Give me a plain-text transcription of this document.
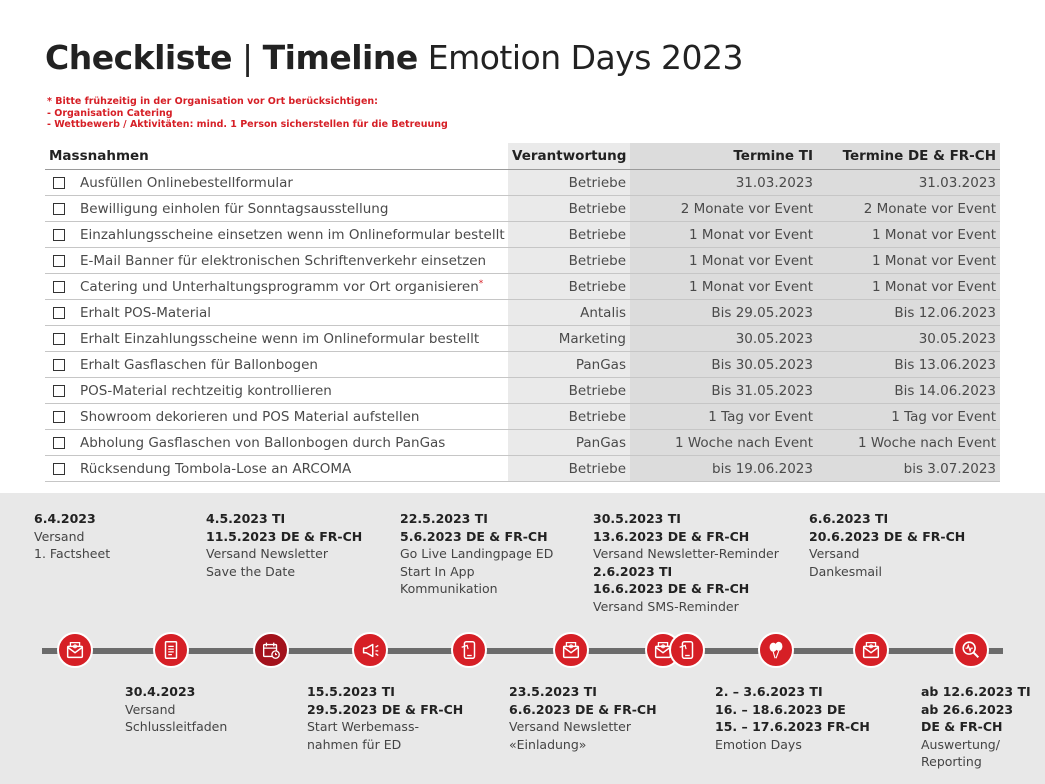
Checkliste | Timeline Emotion Days 2023
* Bitte frühzeitig in der Organisation vor Ort berücksichtigen:
- Organisation Catering
- Wettbewerb / Aktivitäten: mind. 1 Person sicherstellen für die Betreuung
Massnahmen	Verantwortung	Termine TI	Termine DE & FR-CH
Ausfüllen Onlinebestellformular	Betriebe	31.03.2023	31.03.2023
Bewilligung einholen für Sonntagsausstellung	Betriebe	2 Monate vor Event	2 Monate vor Event
Einzahlungsscheine einsetzen wenn im Onlineformular bestellt	Betriebe	1 Monat vor Event	1 Monat vor Event
E-Mail Banner für elektronischen Schriftenverkehr einsetzen	Betriebe	1 Monat vor Event	1 Monat vor Event
Catering und Unterhaltungsprogramm vor Ort organisieren*	Betriebe	1 Monat vor Event	1 Monat vor Event
Erhalt POS-Material	Antalis	Bis 29.05.2023	Bis 12.06.2023
Erhalt Einzahlungsscheine wenn im Onlineformular bestellt	Marketing	30.05.2023	30.05.2023
Erhalt Gasflaschen für Ballonbogen	PanGas	Bis 30.05.2023	Bis 13.06.2023
POS-Material rechtzeitig kontrollieren	Betriebe	Bis 31.05.2023	Bis 14.06.2023
Showroom dekorieren und POS Material aufstellen	Betriebe	1 Tag vor Event	1 Tag vor Event
Abholung Gasflaschen von Ballonbogen durch PanGas	PanGas	1 Woche nach Event	1 Woche nach Event
Rücksendung Tombola-Lose an ARCOMA	Betriebe	bis 19.06.2023	bis 3.07.2023
6.4.2023
Versand
1. Factsheet
4.5.2023 TI
11.5.2023 DE & FR-CH
Versand Newsletter
Save the Date
22.5.2023 TI
5.6.2023 DE & FR-CH
Go Live Landingpage ED
Start In App
Kommunikation
30.5.2023 TI
13.6.2023 DE & FR-CH
Versand Newsletter-Reminder
2.6.2023 TI
16.6.2023 DE & FR-CH
Versand SMS-Reminder
6.6.2023 TI
20.6.2023 DE & FR-CH
Versand
Dankesmail
30.4.2023
Versand
Schlussleitfaden
15.5.2023 TI
29.5.2023 DE & FR-CH
Start Werbemass-
nahmen für ED
23.5.2023 TI
6.6.2023 DE & FR-CH
Versand Newsletter
«Einladung»
2. – 3.6.2023 TI
16. – 18.6.2023 DE
15. – 17.6.2023 FR-CH
Emotion Days
ab 12.6.2023 TI
ab 26.6.2023
DE & FR-CH
Auswertung/
Reporting
